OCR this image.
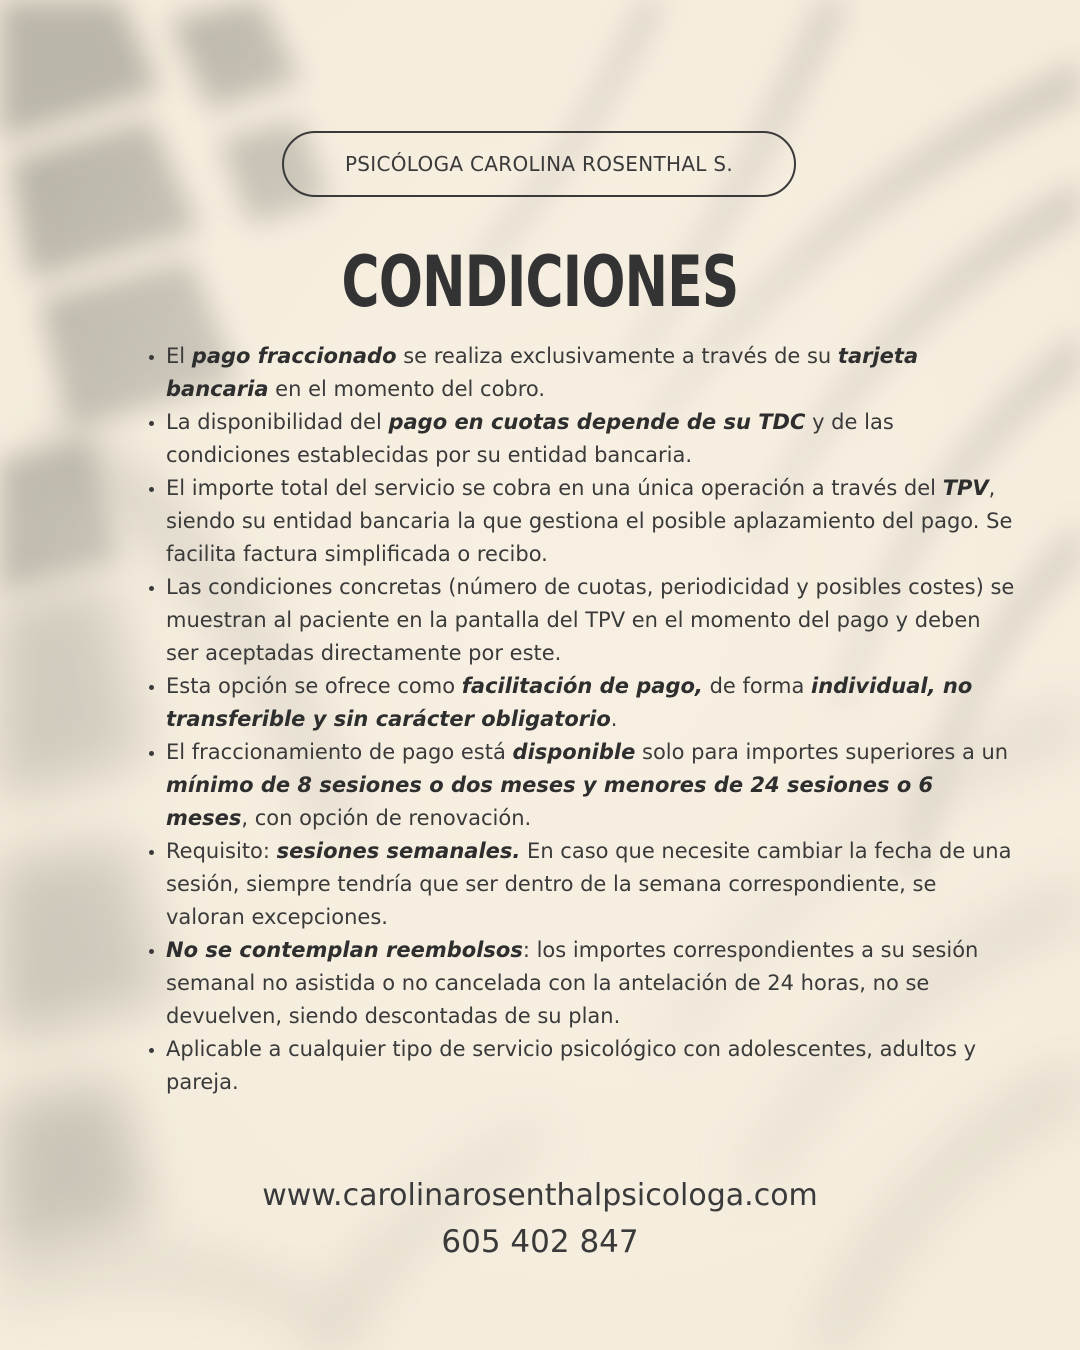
PSICÓLOGA CAROLINA ROSENTHAL S.
CONDICIONES
• El pago fraccionado se realiza exclusivamente a través de su tarjeta bancaria en el momento del cobro.
• La disponibilidad del pago en cuotas depende de su TDC y de las condiciones establecidas por su entidad bancaria.
• El importe total del servicio se cobra en una única operación a través del TPV, siendo su entidad bancaria la que gestiona el posible aplazamiento del pago. Se facilita factura simplificada o recibo.
• Las condiciones concretas (número de cuotas, periodicidad y posibles costes) se muestran al paciente en la pantalla del TPV en el momento del pago y deben ser aceptadas directamente por este.
• Esta opción se ofrece como facilitación de pago, de forma individual, no transferible y sin carácter obligatorio.
• El fraccionamiento de pago está disponible solo para importes superiores a un mínimo de 8 sesiones o dos meses y menores de 24 sesiones o 6 meses, con opción de renovación.
• Requisito: sesiones semanales. En caso que necesite cambiar la fecha de una sesión, siempre tendría que ser dentro de la semana correspondiente, se valoran excepciones.
• No se contemplan reembolsos: los importes correspondientes a su sesión semanal no asistida o no cancelada con la antelación de 24 horas, no se devuelven, siendo descontadas de su plan.
• Aplicable a cualquier tipo de servicio psicológico con adolescentes, adultos y pareja.
www.carolinarosenthalpsicologa.com
605 402 847
